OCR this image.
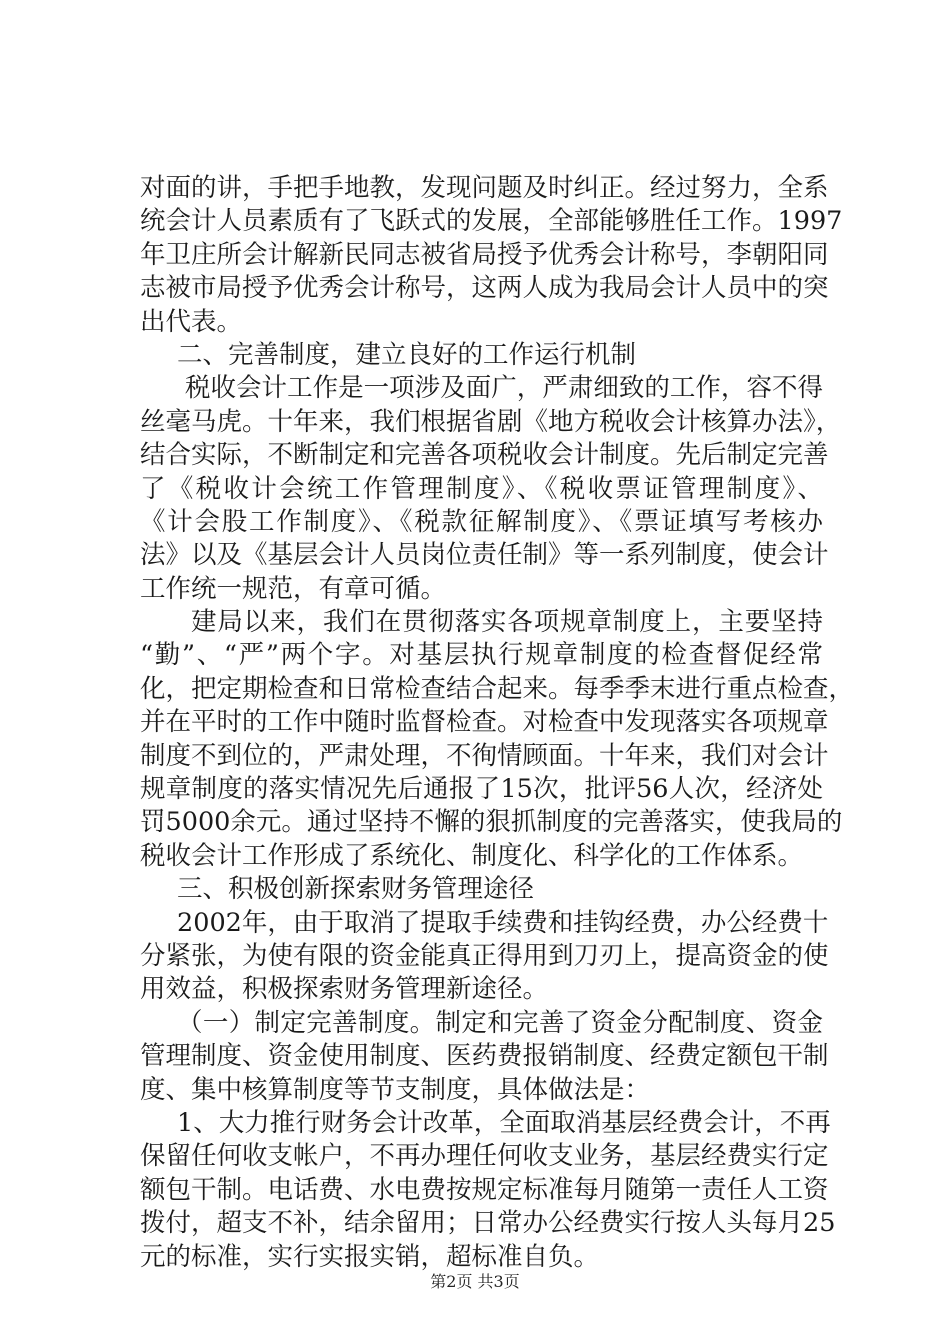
对面的讲，手把手地教，发现问题及时纠正。经过努力，全系
统会计人员素质有了飞跃式的发展，全部能够胜任工作。1997
年卫庄所会计解新民同志被省局授予优秀会计称号，李朝阳同
志被市局授予优秀会计称号，这两人成为我局会计人员中的突
出代表。
二、完善制度，建立良好的工作运行机制
税收会计工作是一项涉及面广，严肃细致的工作，容不得
丝毫马虎。十年来，我们根据省剧《地方税收会计核算办法》，
结合实际，不断制定和完善各项税收会计制度。先后制定完善
了《税收计会统工作管理制度》、《税收票证管理制度》、
《计会股工作制度》、《税款征解制度》、《票证填写考核办
法》以及《基层会计人员岗位责任制》等一系列制度，使会计
工作统一规范，有章可循。
建局以来，我们在贯彻落实各项规章制度上，主要坚持
“勤”、“严”两个字。对基层执行规章制度的检查督促经常
化，把定期检查和日常检查结合起来。每季季末进行重点检查，
并在平时的工作中随时监督检查。对检查中发现落实各项规章
制度不到位的，严肃处理，不徇情顾面。十年来，我们对会计
规章制度的落实情况先后通报了15次，批评56人次，经济处
罚5000余元。通过坚持不懈的狠抓制度的完善落实，使我局的
税收会计工作形成了系统化、制度化、科学化的工作体系。
三、积极创新探索财务管理途径
2002年，由于取消了提取手续费和挂钩经费，办公经费十
分紧张，为使有限的资金能真正得用到刀刃上，提高资金的使
用效益，积极探索财务管理新途径。
（一）制定完善制度。制定和完善了资金分配制度、资金
管理制度、资金使用制度、医药费报销制度、经费定额包干制
度、集中核算制度等节支制度，具体做法是：
1、大力推行财务会计改革，全面取消基层经费会计，不再
保留任何收支帐户，不再办理任何收支业务，基层经费实行定
额包干制。电话费、水电费按规定标准每月随第一责任人工资
拨付，超支不补，结余留用；日常办公经费实行按人头每月25
元的标准，实行实报实销，超标准自负。
第2页 共3页
